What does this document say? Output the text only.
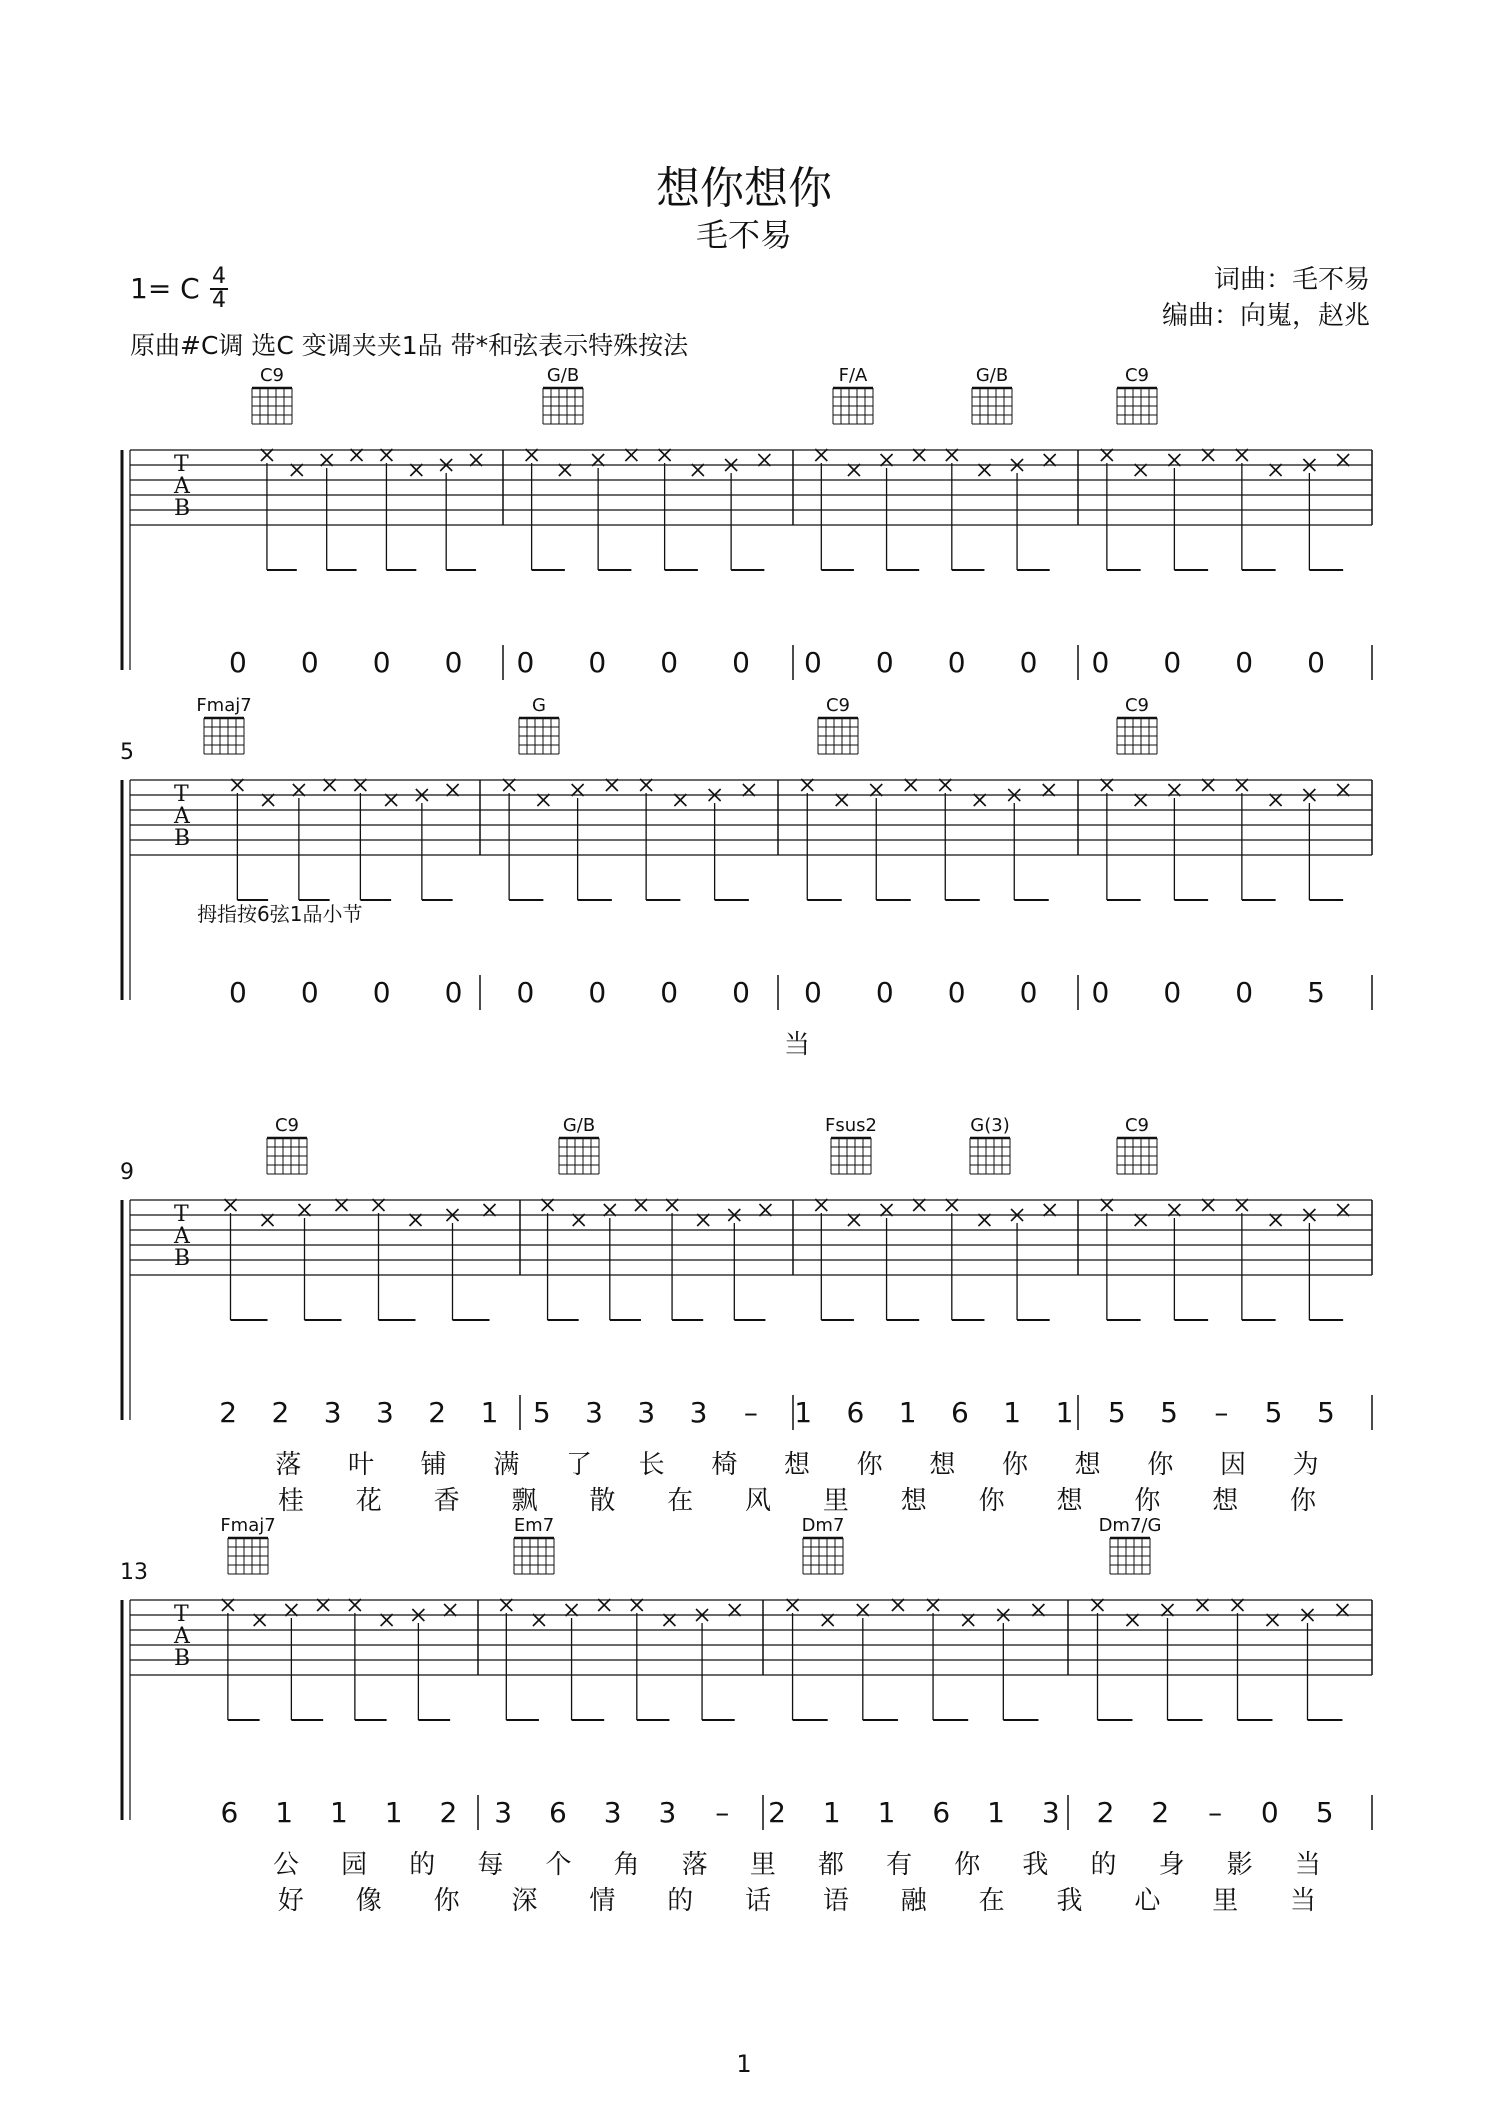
想你想你
毛不易
1= C 4
4
词曲：毛不易
编曲：向嵬，赵兆
原曲#C调 选C 变调夹夹1品 带*和弦表示特殊按法
T
A
B
C9	G/B	F/A	G/B	C9
0 0 0 0 0 0 0 0 0 0 0 0 0 0 0 0
T
A
B
5
Fmaj7	G	C9	C9
0 0 0 0 0 0 0 0 0 0 0 0 0 0 0 5
当
拇指按6弦1品小节
T
A
B
9
C9	G/B	Fsus2	G(3)	C9
2 2 3 3 2 1 5 3 3 3 – 1 6 1 6 1 1 5 5 – 5 5
落 叶 铺 满 了 长 椅 想 你 想 你 想 你 因 为
桂 花 香 飘 散 在 风 里 想 你 想 你 想 你
T
A
B
13
Fmaj7	Em7	Dm7	Dm7/G
6 1 1 1 2 3 6 3 3 – 2 1 1 6 1 3 2 2 – 0 5
公 园 的 每 个 角 落 里 都 有 你 我 的 身 影 当
好 像 你 深 情 的 话 语 融 在 我 心 里 当
1
